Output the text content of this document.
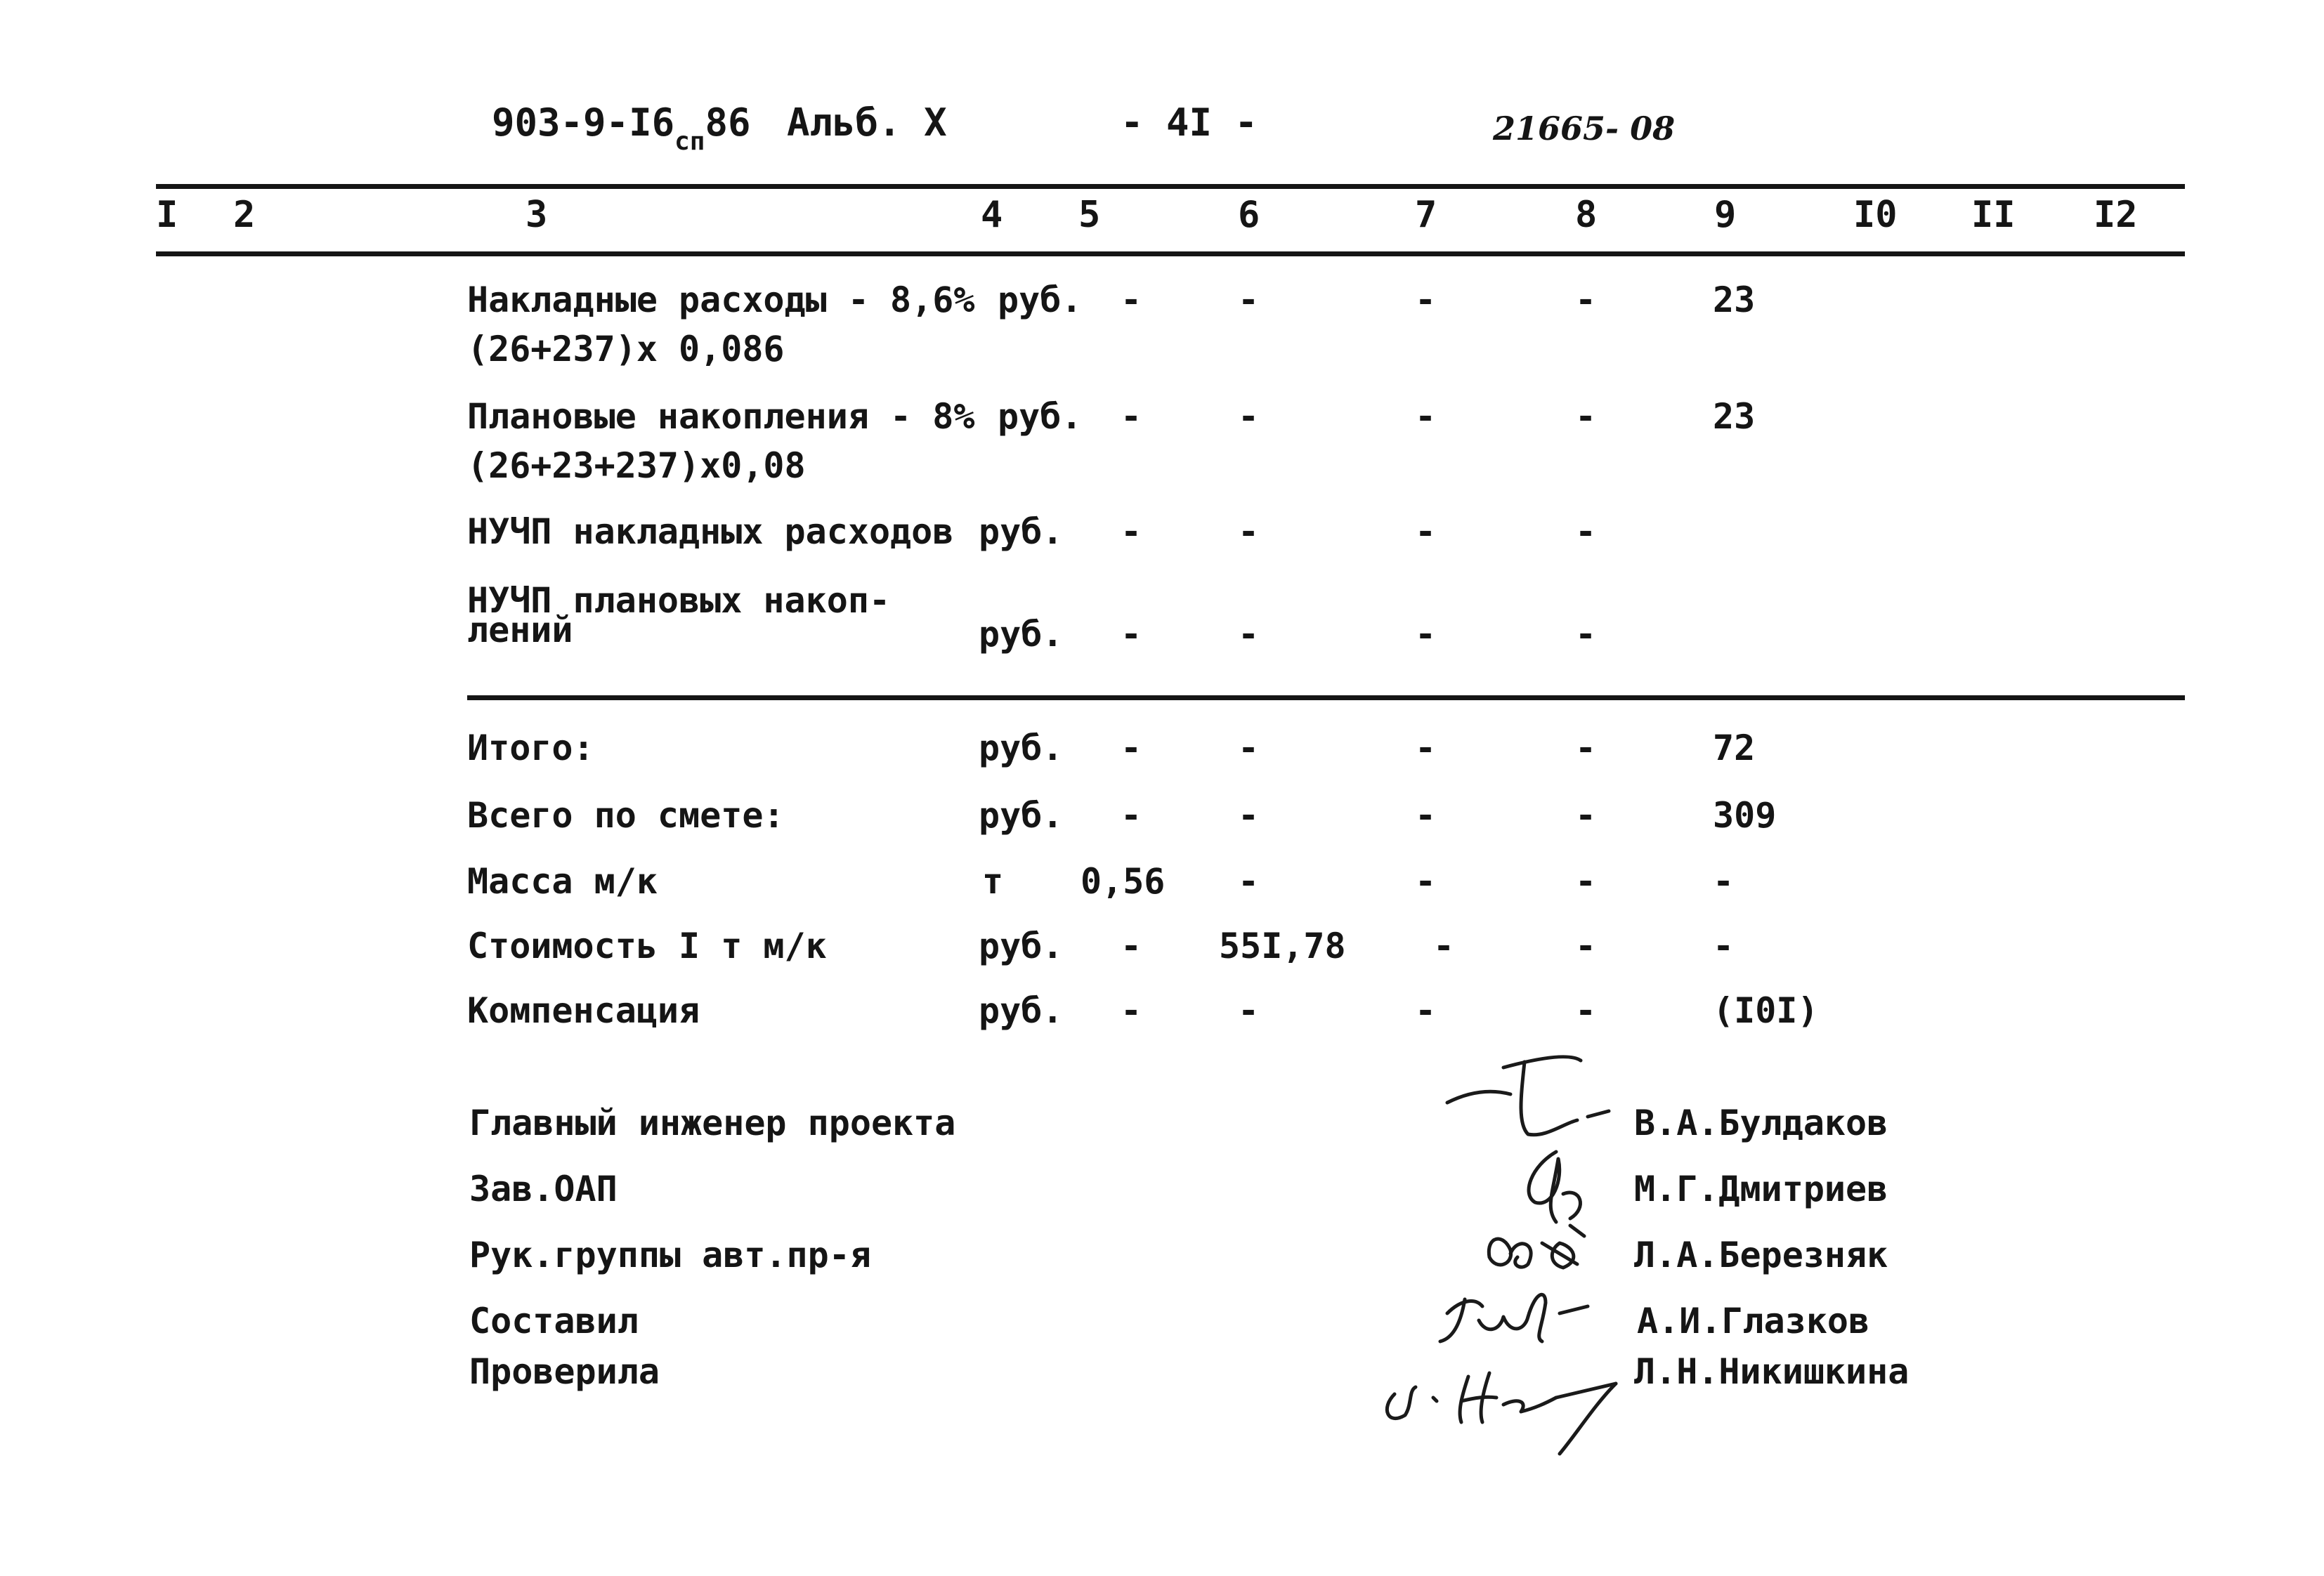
$903-9-I6_{сп}86$ Альб. X	- 4I -	21665- 08
I 2	3	4 5	6	7	8	9	I0 II I2
Накладные расходы - 8,6%
(26+237)x 0,086
руб. -	-	-	-	23
Плановые накопления - 8%
(26+23+237)x0,08
руб. -	-	-	-	23
НУЧП накладных расходов руб. -	-	-	-
НУЧП плановых накоп-
лений	руб. -	-	-	-
Итого:	руб. -	-	-	-	72
Всего по смете:	руб. -	-	-	-	309
Масса м/к	т 0,56 -	-	-	-
Стоимость I т м/к	руб. - 55I,78 -	-	-
Компенсация	руб. -	-	-	-	(I0I)
Главный инженер проекта	В.А.Булдаков
Зав.ОАП	М.Г.Дмитриев
Рук.группы авт.пр-я	Л.А.Березняк
Составил	А.И.Глазков
Проверила	Л.Н.Никишкина
